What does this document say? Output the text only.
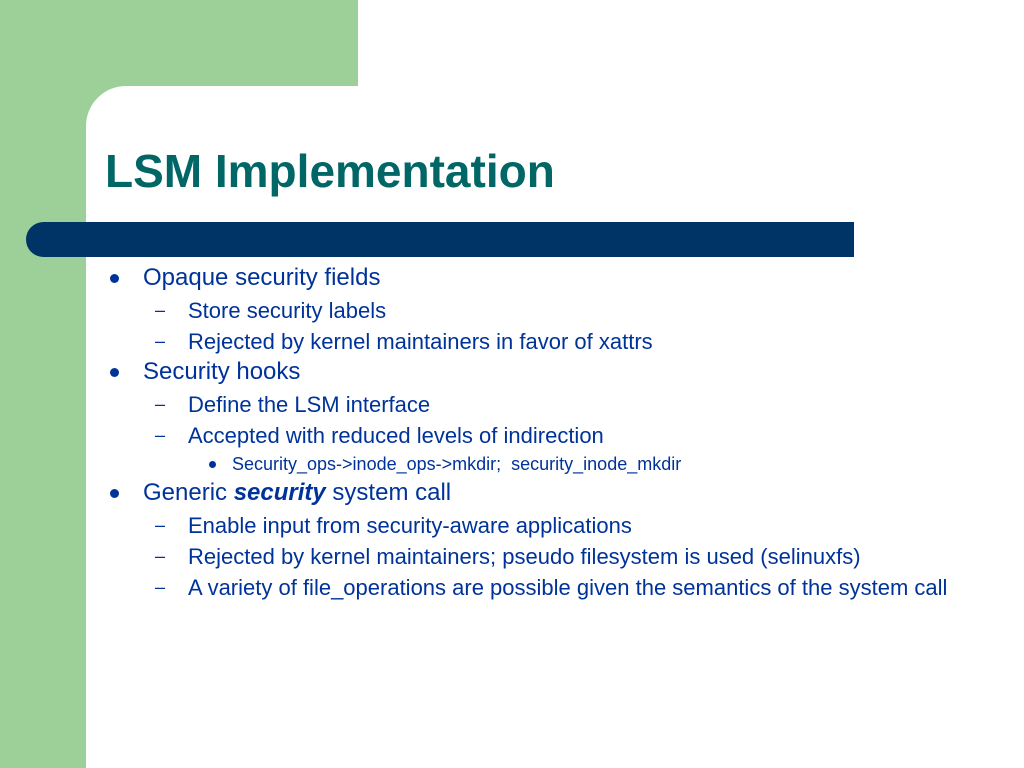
LSM Implementation
Opaque security fields
– Store security labels
– Rejected by kernel maintainers in favor of xattrs
Security hooks
– Define the LSM interface
– Accepted with reduced levels of indirection
Security_ops->inode_ops->mkdir;  security_inode_mkdir
Generic security system call
– Enable input from security-aware applications
– Rejected by kernel maintainers; pseudo filesystem is used (selinuxfs)
– A variety of file_operations are possible given the semantics of the system call
